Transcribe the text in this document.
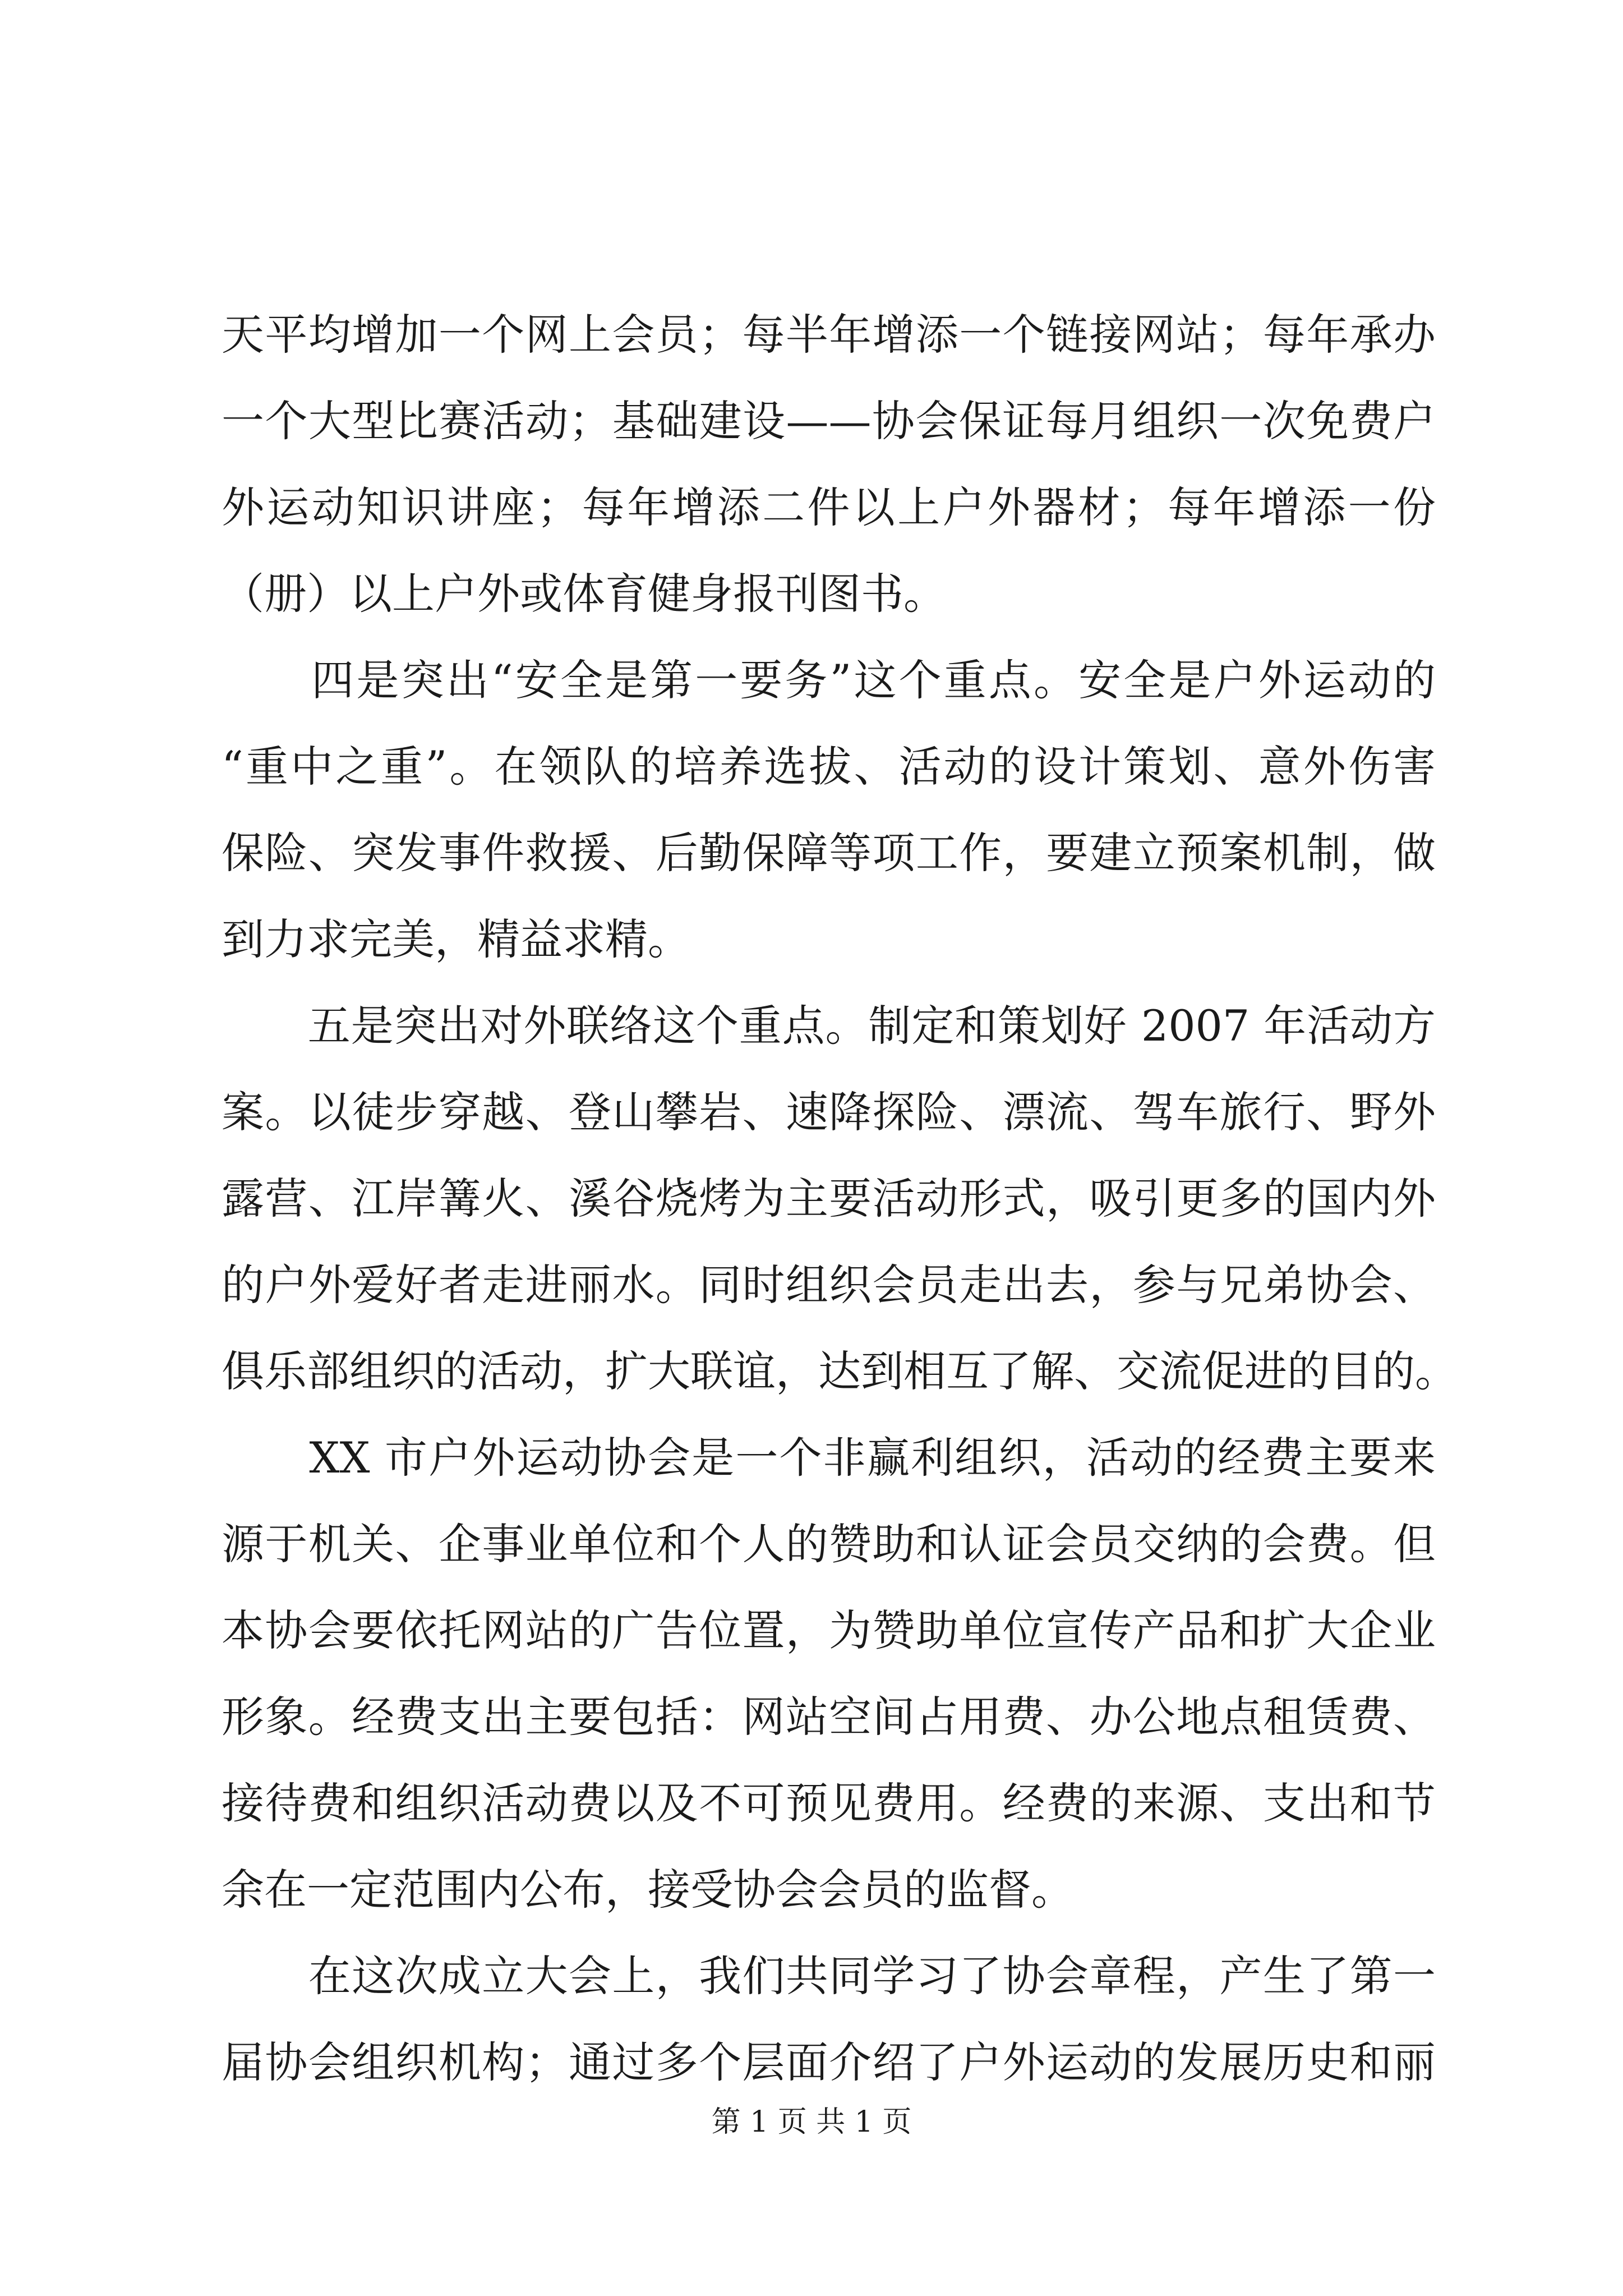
天平均增加一个网上会员；每半年增添一个链接网站；每年承办
一个大型比赛活动；基础建设——协会保证每月组织一次免费户
外运动知识讲座；每年增添二件以上户外器材；每年增添一份
（册）以上户外或体育健身报刊图书。
　　四是突出“安全是第一要务”这个重点。安全是户外运动的
“重中之重”。在领队的培养选拔、活动的设计策划、意外伤害
保险、突发事件救援、后勤保障等项工作，要建立预案机制，做
到力求完美，精益求精。
　　五是突出对外联络这个重点。制定和策划好 2007 年活动方
案。以徒步穿越、登山攀岩、速降探险、漂流、驾车旅行、野外
露营、江岸篝火、溪谷烧烤为主要活动形式，吸引更多的国内外
的户外爱好者走进丽水。同时组织会员走出去，参与兄弟协会、
俱乐部组织的活动，扩大联谊，达到相互了解、交流促进的目的。
　　XX 市户外运动协会是一个非赢利组织，活动的经费主要来
源于机关、企事业单位和个人的赞助和认证会员交纳的会费。但
本协会要依托网站的广告位置，为赞助单位宣传产品和扩大企业
形象。经费支出主要包括：网站空间占用费、办公地点租赁费、
接待费和组织活动费以及不可预见费用。经费的来源、支出和节
余在一定范围内公布，接受协会会员的监督。
　　在这次成立大会上，我们共同学习了协会章程，产生了第一
届协会组织机构；通过多个层面介绍了户外运动的发展历史和丽
第 1 页 共 1 页
